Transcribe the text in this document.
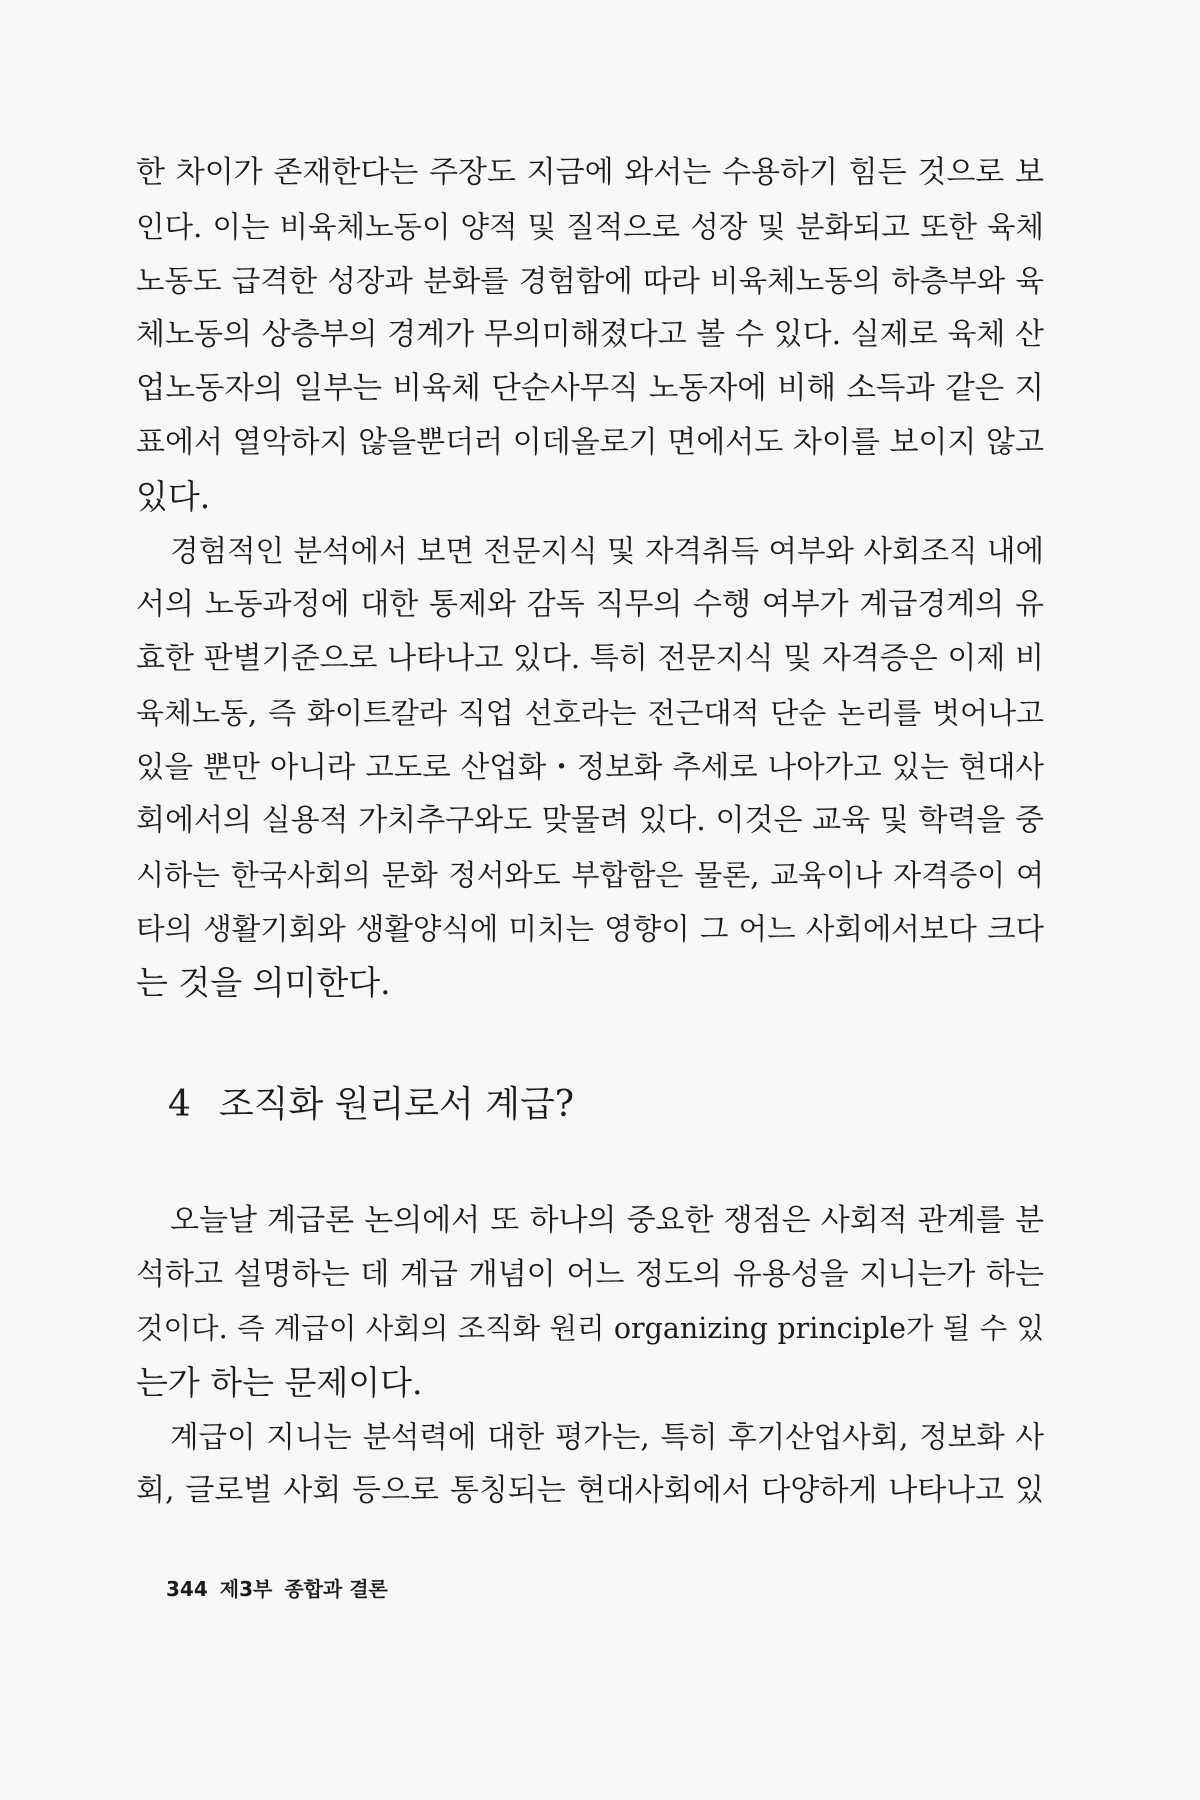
한 차이가 존재한다는 주장도 지금에 와서는 수용하기 힘든 것으로 보
인다. 이는 비육체노동이 양적 및 질적으로 성장 및 분화되고 또한 육체
노동도 급격한 성장과 분화를 경험함에 따라 비육체노동의 하층부와 육
체노동의 상층부의 경계가 무의미해졌다고 볼 수 있다. 실제로 육체 산
업노동자의 일부는 비육체 단순사무직 노동자에 비해 소득과 같은 지
표에서 열악하지 않을뿐더러 이데올로기 면에서도 차이를 보이지 않고
있다.
경험적인 분석에서 보면 전문지식 및 자격취득 여부와 사회조직 내에
서의 노동과정에 대한 통제와 감독 직무의 수행 여부가 계급경계의 유
효한 판별기준으로 나타나고 있다. 특히 전문지식 및 자격증은 이제 비
육체노동, 즉 화이트칼라 직업 선호라는 전근대적 단순 논리를 벗어나고
있을 뿐만 아니라 고도로 산업화・정보화 추세로 나아가고 있는 현대사
회에서의 실용적 가치추구와도 맞물려 있다. 이것은 교육 및 학력을 중
시하는 한국사회의 문화 정서와도 부합함은 물론, 교육이나 자격증이 여
타의 생활기회와 생활양식에 미치는 영향이 그 어느 사회에서보다 크다
는 것을 의미한다.
4 조직화 원리로서 계급?
오늘날 계급론 논의에서 또 하나의 중요한 쟁점은 사회적 관계를 분
석하고 설명하는 데 계급 개념이 어느 정도의 유용성을 지니는가 하는
것이다. 즉 계급이 사회의 조직화 원리 organizing principle가 될 수 있
는가 하는 문제이다.
계급이 지니는 분석력에 대한 평가는, 특히 후기산업사회, 정보화 사
회, 글로벌 사회 등으로 통칭되는 현대사회에서 다양하게 나타나고 있
344 제3부 종합과 결론
